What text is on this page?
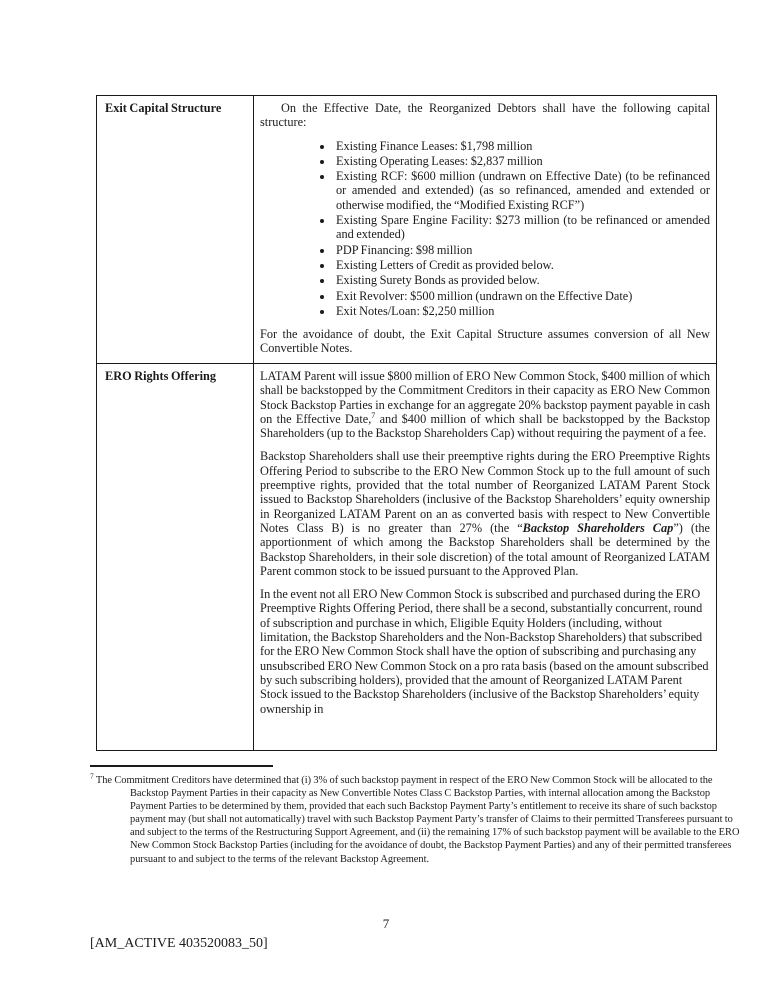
Exit Capital Structure	On the Effective Date, the Reorganized Debtors shall have the following capital structure:

• Existing Finance Leases: $1,798 million
• Existing Operating Leases: $2,837 million
• Existing RCF: $600 million (undrawn on Effective Date) (to be refinanced or amended and extended) (as so refinanced, amended and extended or otherwise modified, the “Modified Existing RCF”)
• Existing Spare Engine Facility: $273 million (to be refinanced or amended and extended)
• PDP Financing: $98 million
• Existing Letters of Credit as provided below.
• Existing Surety Bonds as provided below.
• Exit Revolver: $500 million (undrawn on the Effective Date)
• Exit Notes/Loan: $2,250 million

For the avoidance of doubt, the Exit Capital Structure assumes conversion of all New Convertible Notes.

ERO Rights Offering	LATAM Parent will issue $800 million of ERO New Common Stock, $400 million of which shall be backstopped by the Commitment Creditors in their capacity as ERO New Common Stock Backstop Parties in exchange for an aggregate 20% backstop payment payable in cash on the Effective Date,$^7$ and $400 million of which shall be backstopped by the Backstop Shareholders (up to the Backstop Shareholders Cap) without requiring the payment of a fee.

Backstop Shareholders shall use their preemptive rights during the ERO Preemptive Rights Offering Period to subscribe to the ERO New Common Stock up to the full amount of such preemptive rights, provided that the total number of Reorganized LATAM Parent Stock issued to Backstop Shareholders (inclusive of the Backstop Shareholders’ equity ownership in Reorganized LATAM Parent on an as converted basis with respect to New Convertible Notes Class B) is no greater than 27% (the “Backstop Shareholders Cap”) (the apportionment of which among the Backstop Shareholders shall be determined by the Backstop Shareholders, in their sole discretion) of the total amount of Reorganized LATAM Parent common stock to be issued pursuant to the Approved Plan.

In the event not all ERO New Common Stock is subscribed and purchased during the ERO Preemptive Rights Offering Period, there shall be a second, substantially concurrent, round of subscription and purchase in which, Eligible Equity Holders (including, without limitation, the Backstop Shareholders and the Non-Backstop Shareholders) that subscribed for the ERO New Common Stock shall have the option of subscribing and purchasing any unsubscribed ERO New Common Stock on a pro rata basis (based on the amount subscribed by such subscribing holders), provided that the amount of Reorganized LATAM Parent Stock issued to the Backstop Shareholders (inclusive of the Backstop Shareholders’ equity ownership in

$^7$ The Commitment Creditors have determined that (i) 3% of such backstop payment in respect of the ERO New Common Stock will be allocated to the Backstop Payment Parties in their capacity as New Convertible Notes Class C Backstop Parties, with internal allocation among the Backstop Payment Parties to be determined by them, provided that each such Backstop Payment Party’s entitlement to receive its share of such backstop payment may (but shall not automatically) travel with such Backstop Payment Party’s transfer of Claims to their permitted Transferees pursuant to and subject to the terms of the Restructuring Support Agreement, and (ii) the remaining 17% of such backstop payment will be available to the ERO New Common Stock Backstop Parties (including for the avoidance of doubt, the Backstop Payment Parties) and any of their permitted transferees pursuant to and subject to the terms of the relevant Backstop Agreement.
7
[AM_ACTIVE 403520083_50]
